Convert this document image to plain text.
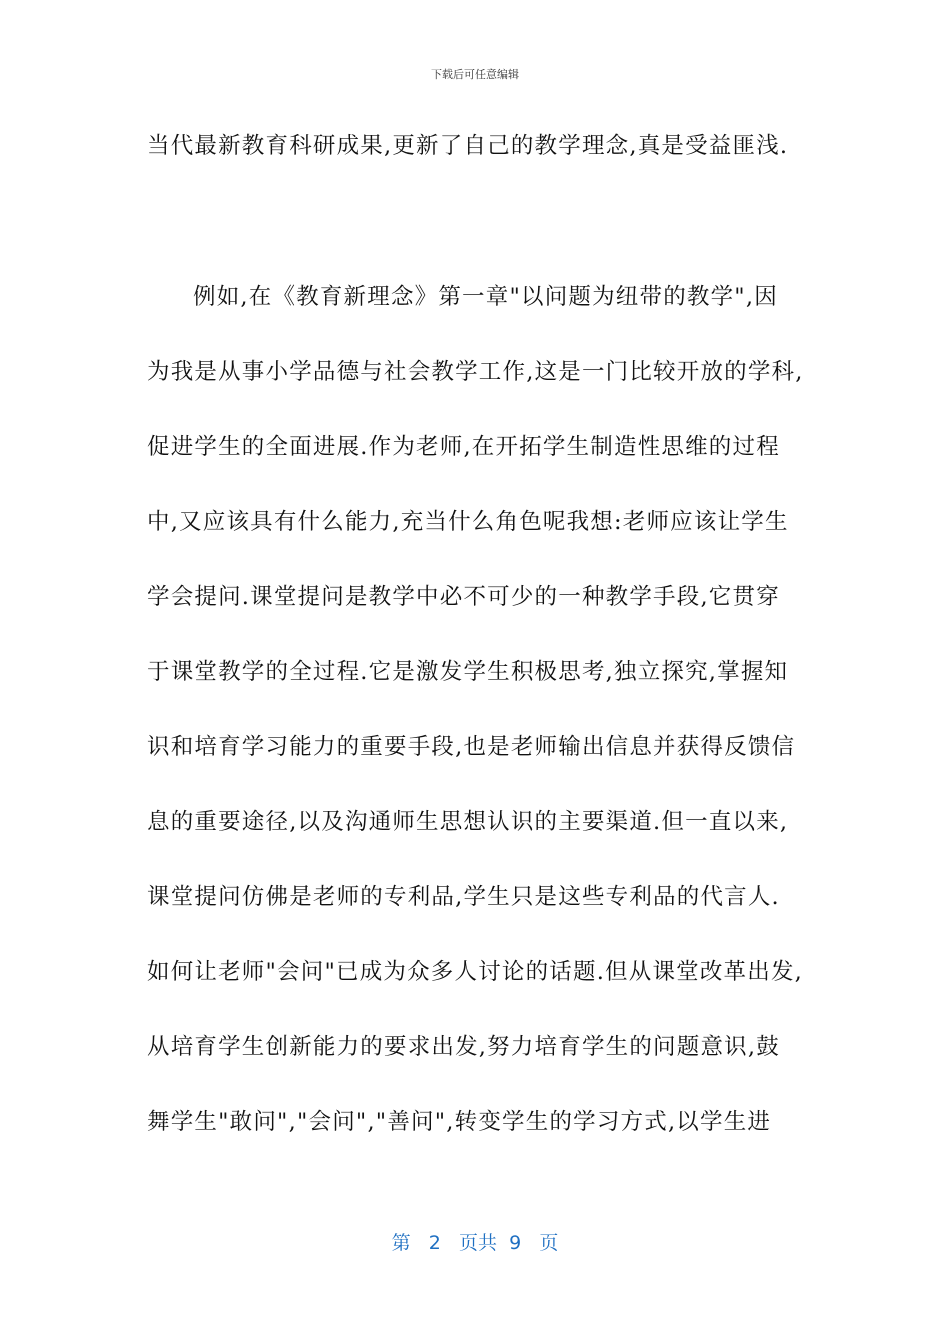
下载后可任意编辑
当代最新教育科研成果,更新了自己的教学理念,真是受益匪浅.
例如,在《教育新理念》第一章"以问题为纽带的教学",因
为我是从事小学品德与社会教学工作,这是一门比较开放的学科,
促进学生的全面进展.作为老师,在开拓学生制造性思维的过程
中,又应该具有什么能力,充当什么角色呢我想:老师应该让学生
学会提问.课堂提问是教学中必不可少的一种教学手段,它贯穿
于课堂教学的全过程.它是激发学生积极思考,独立探究,掌握知
识和培育学习能力的重要手段,也是老师输出信息并获得反馈信
息的重要途径,以及沟通师生思想认识的主要渠道.但一直以来,
课堂提问仿佛是老师的专利品,学生只是这些专利品的代言人.
如何让老师"会问"已成为众多人讨论的话题.但从课堂改革出发,
从培育学生创新能力的要求出发,努力培育学生的问题意识,鼓
舞学生"敢问","会问","善问",转变学生的学习方式,以学生进
第 2 页共 9 页
